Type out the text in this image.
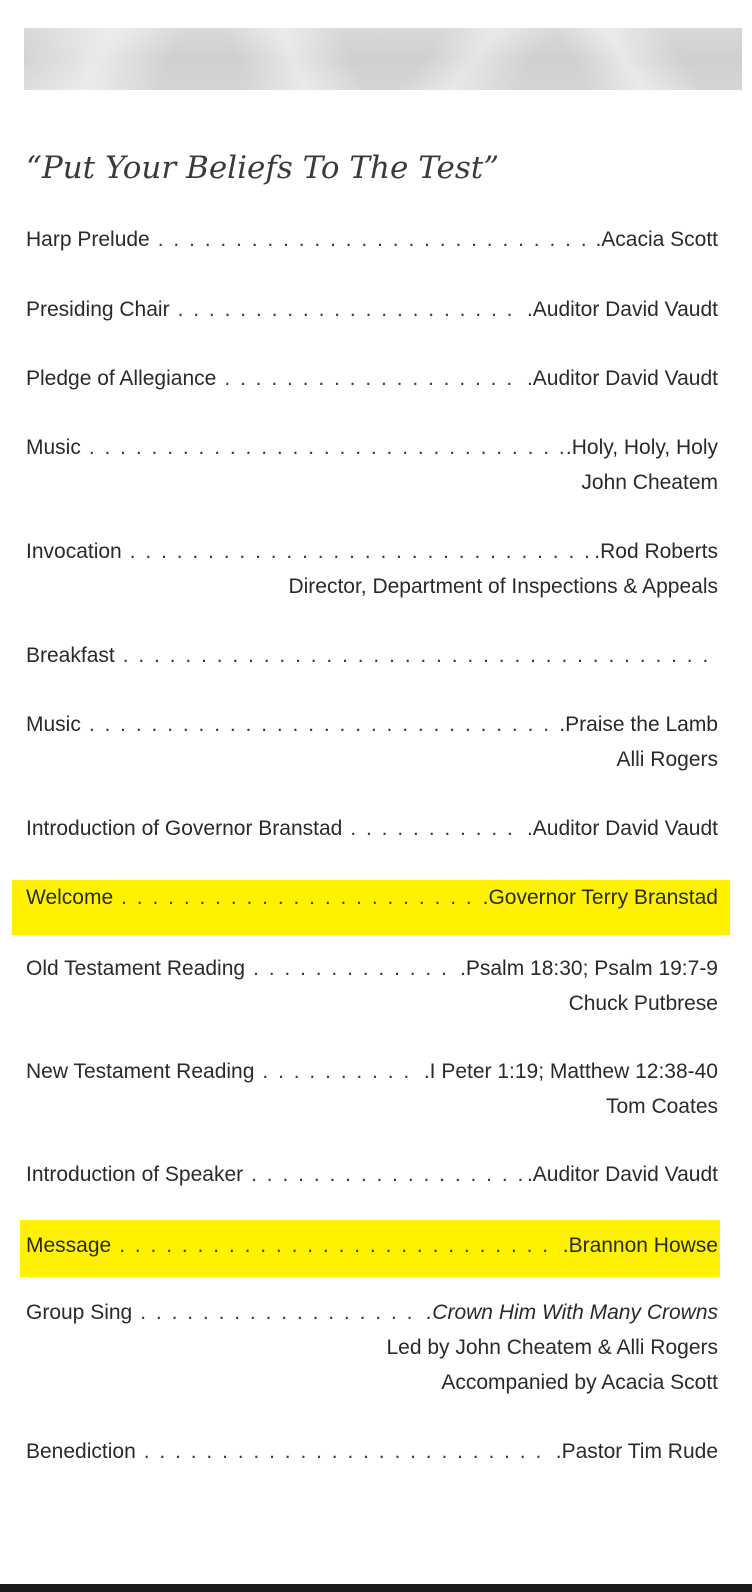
“Put Your Beliefs To The Test”
Harp Prelude . . .	.Acacia Scott
Presiding Chair . . .	.Auditor David Vaudt
Pledge of Allegiance . . .	.Auditor David Vaudt
Music . . .	.Holy, Holy, Holy
John Cheatem
Invocation . . .	.Rod Roberts
Director, Department of Inspections & Appeals
Breakfast
. . .
Music . . .	.Praise the Lamb
Alli Rogers
Introduction of Governor Branstad . . .	.Auditor David Vaudt
Welcome . . .	.Governor Terry Branstad
Old Testament Reading . . .	.Psalm 18:30; Psalm 19:7-9
Chuck Putbrese
New Testament Reading . . .	.I Peter 1:19; Matthew 12:38-40
Tom Coates
Introduction of Speaker . . .	.Auditor David Vaudt
Message . . .	.Brannon Howse
Group Sing . . .	.Crown Him With Many Crowns
Led by John Cheatem & Alli Rogers
Accompanied by Acacia Scott
Benediction . . .	.Pastor Tim Rude
